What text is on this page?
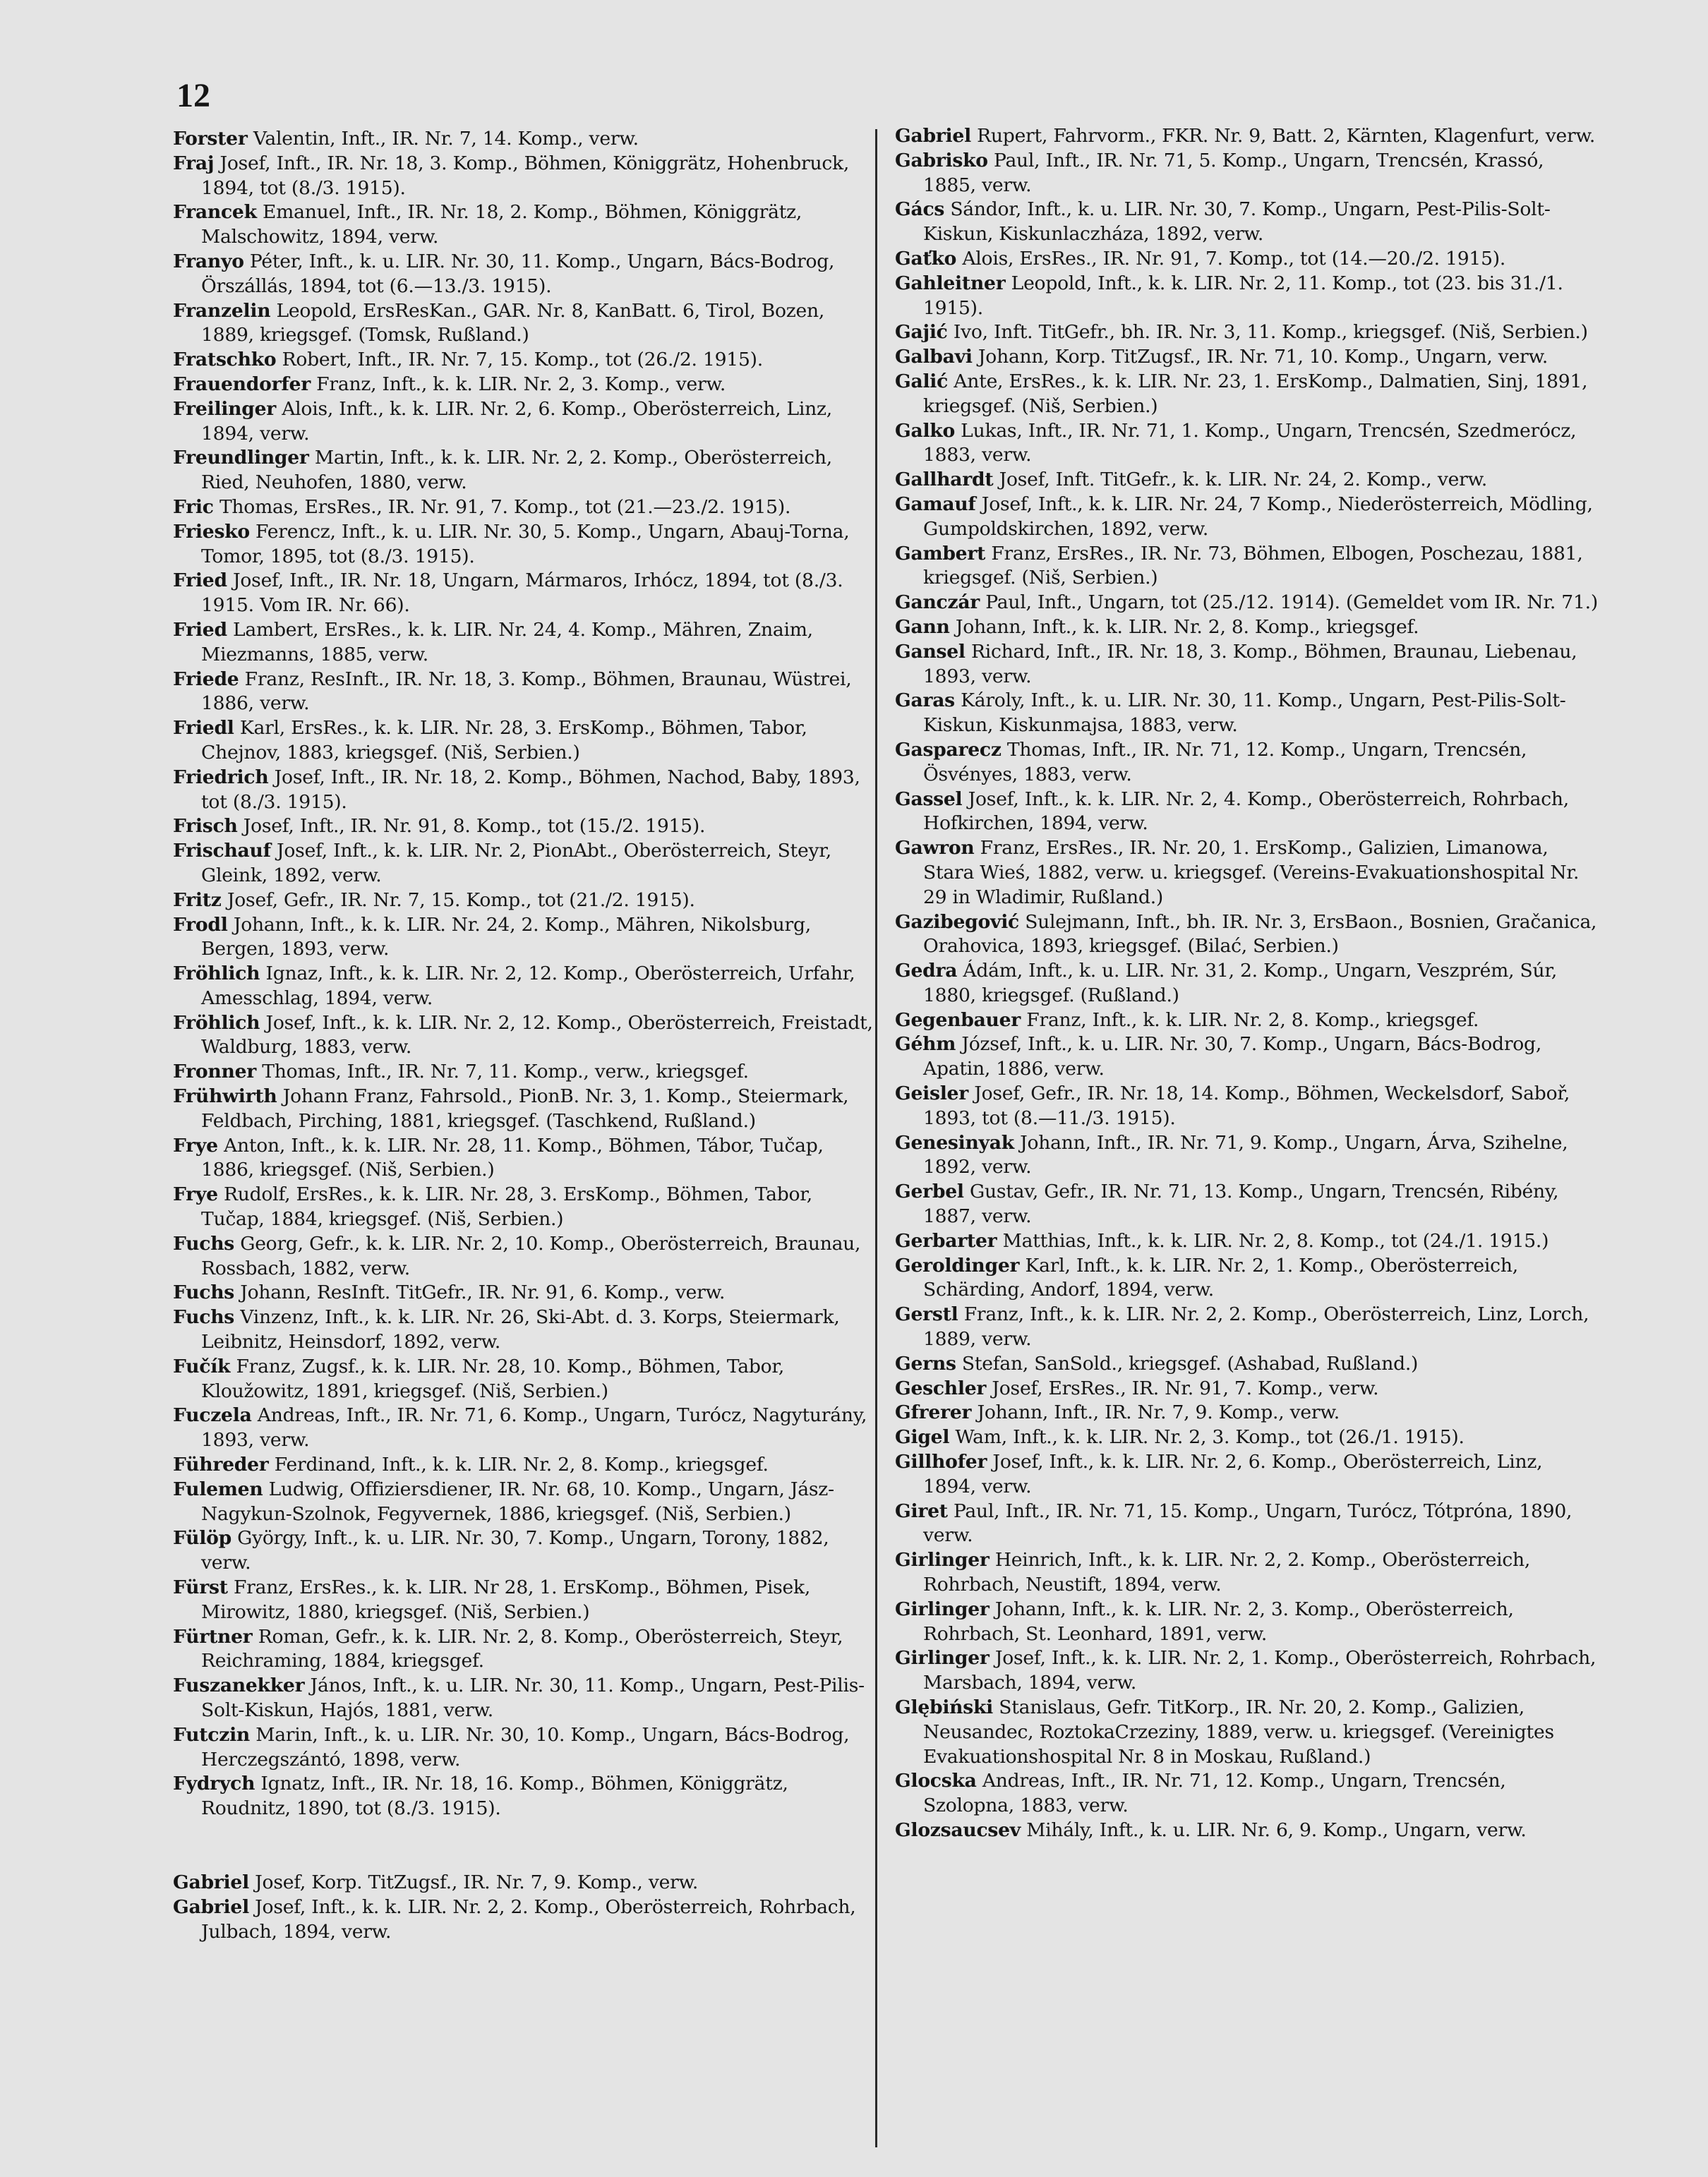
12

Forster Valentin, Inft., IR. Nr. 7, 14. Komp., verw.

Fraj Josef, Inft., IR. Nr. 18, 3. Komp., Böhmen, Königgrätz, Hohenbruck, 1894, tot (8./3. 1915).

Francek Emanuel, Inft., IR. Nr. 18, 2. Komp., Böhmen, Königgrätz, Malschowitz, 1894, verw.

Franyo Péter, Inft., k. u. LIR. Nr. 30, 11. Komp., Ungarn, Bács-Bodrog, Örszállás, 1894, tot (6.—13./3. 1915).

Franzelin Leopold, ErsResKan., GAR. Nr. 8, KanBatt. 6, Tirol, Bozen, 1889, kriegsgef. (Tomsk, Rußland.)

Fratschko Robert, Inft., IR. Nr. 7, 15. Komp., tot (26./2. 1915).

Frauendorfer Franz, Inft., k. k. LIR. Nr. 2, 3. Komp., verw.

Freilinger Alois, Inft., k. k. LIR. Nr. 2, 6. Komp., Oberösterreich, Linz, 1894, verw.

Freundlinger Martin, Inft., k. k. LIR. Nr. 2, 2. Komp., Oberösterreich, Ried, Neuhofen, 1880, verw.

Fric Thomas, ErsRes., IR. Nr. 91, 7. Komp., tot (21.—23./2. 1915).

Friesko Ferencz, Inft., k. u. LIR. Nr. 30, 5. Komp., Ungarn, Abauj-Torna, Tomor, 1895, tot (8./3. 1915).

Fried Josef, Inft., IR. Nr. 18, Ungarn, Mármaros, Irhócz, 1894, tot (8./3. 1915. Vom IR. Nr. 66).

Fried Lambert, ErsRes., k. k. LIR. Nr. 24, 4. Komp., Mähren, Znaim, Miezmanns, 1885, verw.

Friede Franz, ResInft., IR. Nr. 18, 3. Komp., Böhmen, Braunau, Wüstrei, 1886, verw.

Friedl Karl, ErsRes., k. k. LIR. Nr. 28, 3. ErsKomp., Böhmen, Tabor, Chejnov, 1883, kriegsgef. (Niš, Serbien.)

Friedrich Josef, Inft., IR. Nr. 18, 2. Komp., Böhmen, Nachod, Baby, 1893, tot (8./3. 1915).

Frisch Josef, Inft., IR. Nr. 91, 8. Komp., tot (15./2. 1915).

Frischauf Josef, Inft., k. k. LIR. Nr. 2, PionAbt., Oberösterreich, Steyr, Gleink, 1892, verw.

Fritz Josef, Gefr., IR. Nr. 7, 15. Komp., tot (21./2. 1915).

Frodl Johann, Inft., k. k. LIR. Nr. 24, 2. Komp., Mähren, Nikolsburg, Bergen, 1893, verw.

Fröhlich Ignaz, Inft., k. k. LIR. Nr. 2, 12. Komp., Oberösterreich, Urfahr, Amesschlag, 1894, verw.

Fröhlich Josef, Inft., k. k. LIR. Nr. 2, 12. Komp., Oberösterreich, Freistadt, Waldburg, 1883, verw.

Fronner Thomas, Inft., IR. Nr. 7, 11. Komp., verw., kriegsgef.

Frühwirth Johann Franz, Fahrsold., PionB. Nr. 3, 1. Komp., Steiermark, Feldbach, Pirching, 1881, kriegsgef. (Taschkend, Rußland.)

Frye Anton, Inft., k. k. LIR. Nr. 28, 11. Komp., Böhmen, Tábor, Tučap, 1886, kriegsgef. (Niš, Serbien.)

Frye Rudolf, ErsRes., k. k. LIR. Nr. 28, 3. ErsKomp., Böhmen, Tabor, Tučap, 1884, kriegsgef. (Niš, Serbien.)

Fuchs Georg, Gefr., k. k. LIR. Nr. 2, 10. Komp., Oberösterreich, Braunau, Rossbach, 1882, verw.

Fuchs Johann, ResInft. TitGefr., IR. Nr. 91, 6. Komp., verw.

Fuchs Vinzenz, Inft., k. k. LIR. Nr. 26, Ski-Abt. d. 3. Korps, Steiermark, Leibnitz, Heinsdorf, 1892, verw.

Fučík Franz, Zugsf., k. k. LIR. Nr. 28, 10. Komp., Böhmen, Tabor, Kloužowitz, 1891, kriegsgef. (Niš, Serbien.)

Fuczela Andreas, Inft., IR. Nr. 71, 6. Komp., Ungarn, Turócz, Nagyturány, 1893, verw.

Führeder Ferdinand, Inft., k. k. LIR. Nr. 2, 8. Komp., kriegsgef.

Fulemen Ludwig, Offiziersdiener, IR. Nr. 68, 10. Komp., Ungarn, Jász-Nagykun-Szolnok, Fegyvernek, 1886, kriegsgef. (Niš, Serbien.)

Fülöp György, Inft., k. u. LIR. Nr. 30, 7. Komp., Ungarn, Torony, 1882, verw.

Fürst Franz, ErsRes., k. k. LIR. Nr 28, 1. ErsKomp., Böhmen, Pisek, Mirowitz, 1880, kriegsgef. (Niš, Serbien.)

Fürtner Roman, Gefr., k. k. LIR. Nr. 2, 8. Komp., Oberösterreich, Steyr, Reichraming, 1884, kriegsgef.

Fuszanekker János, Inft., k. u. LIR. Nr. 30, 11. Komp., Ungarn, Pest-Pilis-Solt-Kiskun, Hajós, 1881, verw.

Futczin Marin, Inft., k. u. LIR. Nr. 30, 10. Komp., Ungarn, Bács-Bodrog, Herczegszántó, 1898, verw.

Fydrych Ignatz, Inft., IR. Nr. 18, 16. Komp., Böhmen, Königgrätz, Roudnitz, 1890, tot (8./3. 1915).

Gabriel Josef, Korp. TitZugsf., IR. Nr. 7, 9. Komp., verw.

Gabriel Josef, Inft., k. k. LIR. Nr. 2, 2. Komp., Oberösterreich, Rohrbach, Julbach, 1894, verw.

Gabriel Rupert, Fahrvorm., FKR. Nr. 9, Batt. 2, Kärnten, Klagenfurt, verw.

Gabrisko Paul, Inft., IR. Nr. 71, 5. Komp., Ungarn, Trencsén, Krassó, 1885, verw.

Gács Sándor, Inft., k. u. LIR. Nr. 30, 7. Komp., Ungarn, Pest-Pilis-Solt-Kiskun, Kiskunlaczháza, 1892, verw.

Gaťko Alois, ErsRes., IR. Nr. 91, 7. Komp., tot (14.—20./2. 1915).

Gahleitner Leopold, Inft., k. k. LIR. Nr. 2, 11. Komp., tot (23. bis 31./1. 1915).

Gajić Ivo, Inft. TitGefr., bh. IR. Nr. 3, 11. Komp., kriegsgef. (Niš, Serbien.)

Galbavi Johann, Korp. TitZugsf., IR. Nr. 71, 10. Komp., Ungarn, verw.

Galić Ante, ErsRes., k. k. LIR. Nr. 23, 1. ErsKomp., Dalmatien, Sinj, 1891, kriegsgef. (Niš, Serbien.)

Galko Lukas, Inft., IR. Nr. 71, 1. Komp., Ungarn, Trencsén, Szedmerócz, 1883, verw.

Gallhardt Josef, Inft. TitGefr., k. k. LIR. Nr. 24, 2. Komp., verw.

Gamauf Josef, Inft., k. k. LIR. Nr. 24, 7 Komp., Niederösterreich, Mödling, Gumpoldskirchen, 1892, verw.

Gambert Franz, ErsRes., IR. Nr. 73, Böhmen, Elbogen, Poschezau, 1881, kriegsgef. (Niš, Serbien.)

Ganczár Paul, Inft., Ungarn, tot (25./12. 1914). (Gemeldet vom IR. Nr. 71.)

Gann Johann, Inft., k. k. LIR. Nr. 2, 8. Komp., kriegsgef.

Gansel Richard, Inft., IR. Nr. 18, 3. Komp., Böhmen, Braunau, Liebenau, 1893, verw.

Garas Károly, Inft., k. u. LIR. Nr. 30, 11. Komp., Ungarn, Pest-Pilis-Solt-Kiskun, Kiskunmajsa, 1883, verw.

Gasparecz Thomas, Inft., IR. Nr. 71, 12. Komp., Ungarn, Trencsén, Ösvényes, 1883, verw.

Gassel Josef, Inft., k. k. LIR. Nr. 2, 4. Komp., Oberösterreich, Rohrbach, Hofkirchen, 1894, verw.

Gawron Franz, ErsRes., IR. Nr. 20, 1. ErsKomp., Galizien, Limanowa, Stara Wieś, 1882, verw. u. kriegsgef. (Vereins-Evakuationshospital Nr. 29 in Wladimir, Rußland.)

Gazibegović Sulejmann, Inft., bh. IR. Nr. 3, ErsBaon., Bosnien, Gračanica, Orahovica, 1893, kriegsgef. (Bilać, Serbien.)

Gedra Ádám, Inft., k. u. LIR. Nr. 31, 2. Komp., Ungarn, Veszprém, Súr, 1880, kriegsgef. (Rußland.)

Gegenbauer Franz, Inft., k. k. LIR. Nr. 2, 8. Komp., kriegsgef.

Géhm József, Inft., k. u. LIR. Nr. 30, 7. Komp., Ungarn, Bács-Bodrog, Apatin, 1886, verw.

Geisler Josef, Gefr., IR. Nr. 18, 14. Komp., Böhmen, Weckelsdorf, Saboř, 1893, tot (8.—11./3. 1915).

Genesinyak Johann, Inft., IR. Nr. 71, 9. Komp., Ungarn, Árva, Szihelne, 1892, verw.

Gerbel Gustav, Gefr., IR. Nr. 71, 13. Komp., Ungarn, Trencsén, Ribény, 1887, verw.

Gerbarter Matthias, Inft., k. k. LIR. Nr. 2, 8. Komp., tot (24./1. 1915.)

Geroldinger Karl, Inft., k. k. LIR. Nr. 2, 1. Komp., Oberösterreich, Schärding, Andorf, 1894, verw.

Gerstl Franz, Inft., k. k. LIR. Nr. 2, 2. Komp., Oberösterreich, Linz, Lorch, 1889, verw.

Gerns Stefan, SanSold., kriegsgef. (Ashabad, Rußland.)

Geschler Josef, ErsRes., IR. Nr. 91, 7. Komp., verw.

Gfrerer Johann, Inft., IR. Nr. 7, 9. Komp., verw.

Gigel Wam, Inft., k. k. LIR. Nr. 2, 3. Komp., tot (26./1. 1915).

Gillhofer Josef, Inft., k. k. LIR. Nr. 2, 6. Komp., Oberösterreich, Linz, 1894, verw.

Giret Paul, Inft., IR. Nr. 71, 15. Komp., Ungarn, Turócz, Tótpróna, 1890, verw.

Girlinger Heinrich, Inft., k. k. LIR. Nr. 2, 2. Komp., Oberösterreich, Rohrbach, Neustift, 1894, verw.

Girlinger Johann, Inft., k. k. LIR. Nr. 2, 3. Komp., Oberösterreich, Rohrbach, St. Leonhard, 1891, verw.

Girlinger Josef, Inft., k. k. LIR. Nr. 2, 1. Komp., Oberösterreich, Rohrbach, Marsbach, 1894, verw.

Glębiński Stanislaus, Gefr. TitKorp., IR. Nr. 20, 2. Komp., Galizien, Neusandec, RoztokaCrzeziny, 1889, verw. u. kriegsgef. (Vereinigtes Evakuationshospital Nr. 8 in Moskau, Rußland.)

Glocska Andreas, Inft., IR. Nr. 71, 12. Komp., Ungarn, Trencsén, Szolopna, 1883, verw.

Glozsaucsev Mihály, Inft., k. u. LIR. Nr. 6, 9. Komp., Ungarn, verw.
